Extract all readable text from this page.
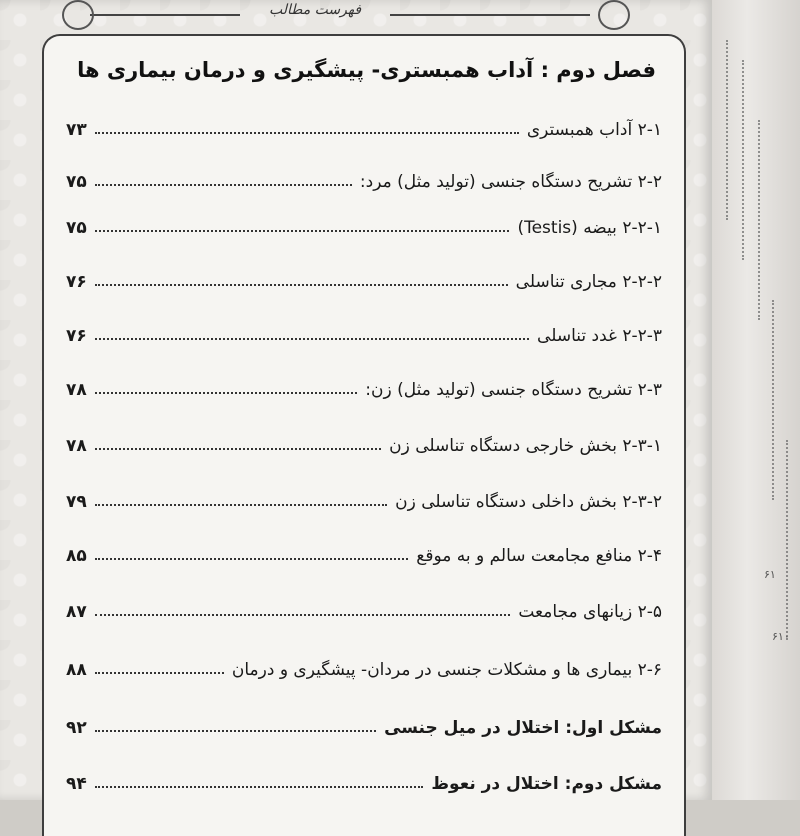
فهرست مطالب
فصل دوم : آداب همبستری- پیشگیری و درمان بیماری ها
۲-۱ آداب همبستری
۷۳
۲-۲ تشریح دستگاه جنسی (تولید مثل) مرد:
۷۵
۲-۲-۱ بیضه (Testis)
۷۵
۲-۲-۲ مجاری تناسلی
۷۶
۲-۲-۳ غدد تناسلی
۷۶
۲-۳ تشریح دستگاه جنسی (تولید مثل) زن:
۷۸
۲-۳-۱ بخش خارجی دستگاه تناسلی زن
۷۸
۲-۳-۲ بخش داخلی دستگاه تناسلی زن
۷۹
۲-۴ منافع مجامعت سالم و به موقع
۸۵
۲-۵ زیانهای مجامعت
۸۷
۲-۶ بیماری ها و مشکلات جنسی در مردان- پیشگیری و درمان
۸۸
مشکل اول: اختلال در میل جنسی
۹۲
مشکل دوم: اختلال در نعوظ
۹۴
۶۱
۶۱۰
